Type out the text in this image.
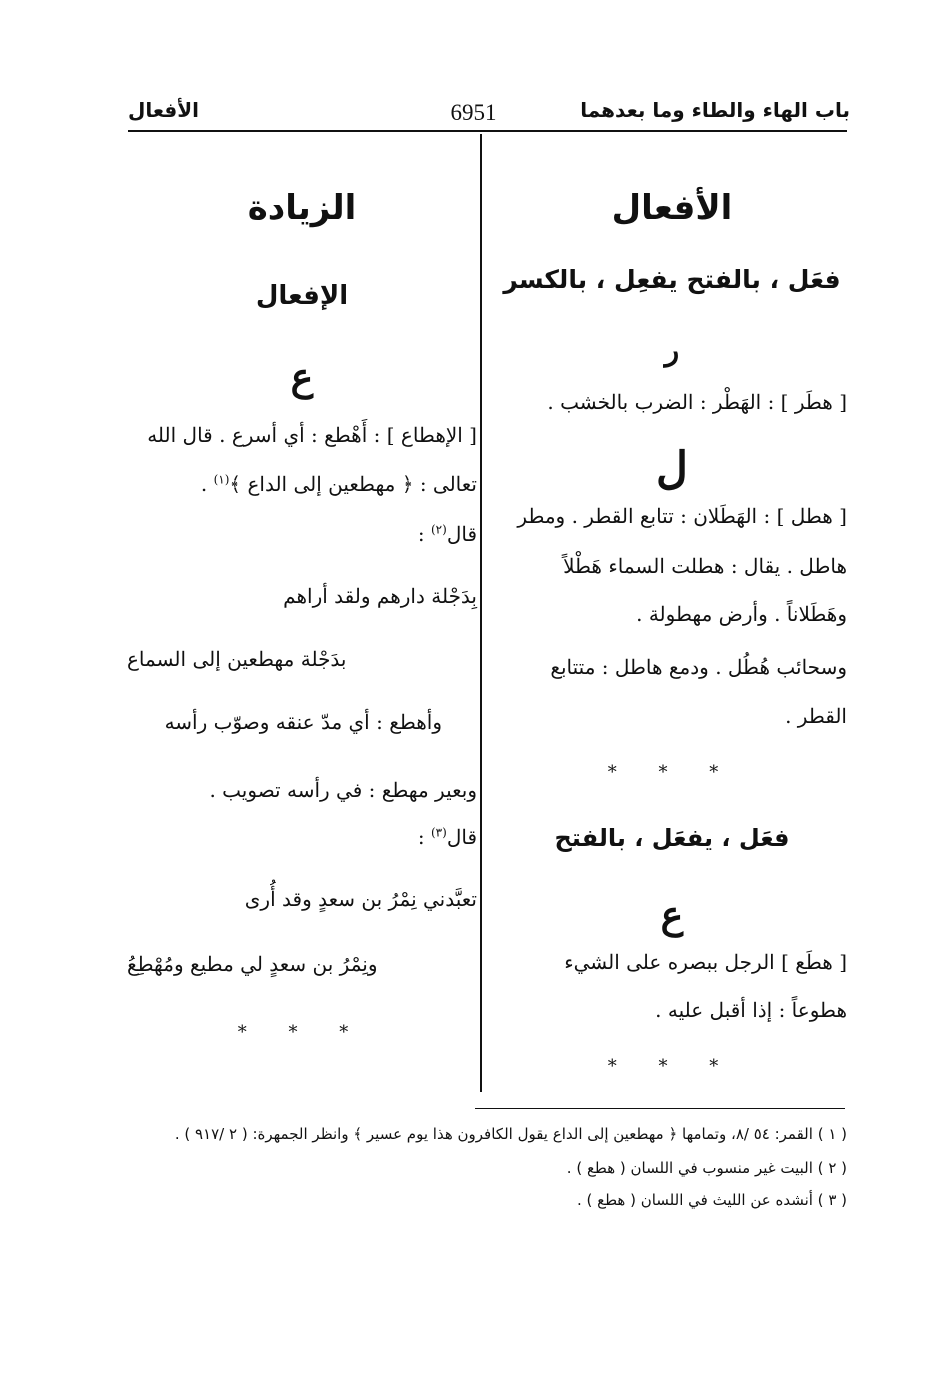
باب الهاء والطاء وما بعدهما
6951
الأفعال
الأفعال
فعَل ، بالفتح يفعِل ، بالكسر
ر
[ هطَر ] : الهَطْر : الضرب بالخشب .
ل
[ هطل ] : الهَطَلان : تتابع القطر . ومطر
هاطل . يقال : هطلت السماء هَطْلاً
وهَطَلاناً . وأرض مهطولة .
وسحائب هُطُل . ودمع هاطل : متتابع
القطر .
* * *
فعَل ، يفعَل ، بالفتح
ع
[ هطَع ] الرجل ببصره على الشيء
هطوعاً : إذا أقبل عليه .
* * *
الزيادة
الإفعال
ع
[ الإهطاع ] : أَهْطع : أي أسرع . قال الله
تعالى : ﴿ مهطعين إلى الداع ﴾$^{(١)}$ .
قال$^{(٢)}$ :
بِدَجْلة دارهم ولقد أراهم
بدَجْلة مهطعين إلى السماع
وأهطع : أي مدّ عنقه وصوّب رأسه
وبعير مهطع : في رأسه تصويب .
قال$^{(٣)}$ :
تعبَّدني نِمْرُ بن سعدٍ وقد أُرى
ونِمْرُ بن سعدٍ لي مطيع ومُهْطِعُ
* * *
( ١ ) القمر: ٥٤ /٨، وتمامها ﴿ مهطعين إلى الداع يقول الكافرون هذا يوم عسير ﴾ وانظر الجمهرة: ( ٢ /٩١٧ ) .
( ٢ ) البيت غير منسوب في اللسان ( هطع ) .
( ٣ ) أنشده عن الليث في اللسان ( هطع ) .
